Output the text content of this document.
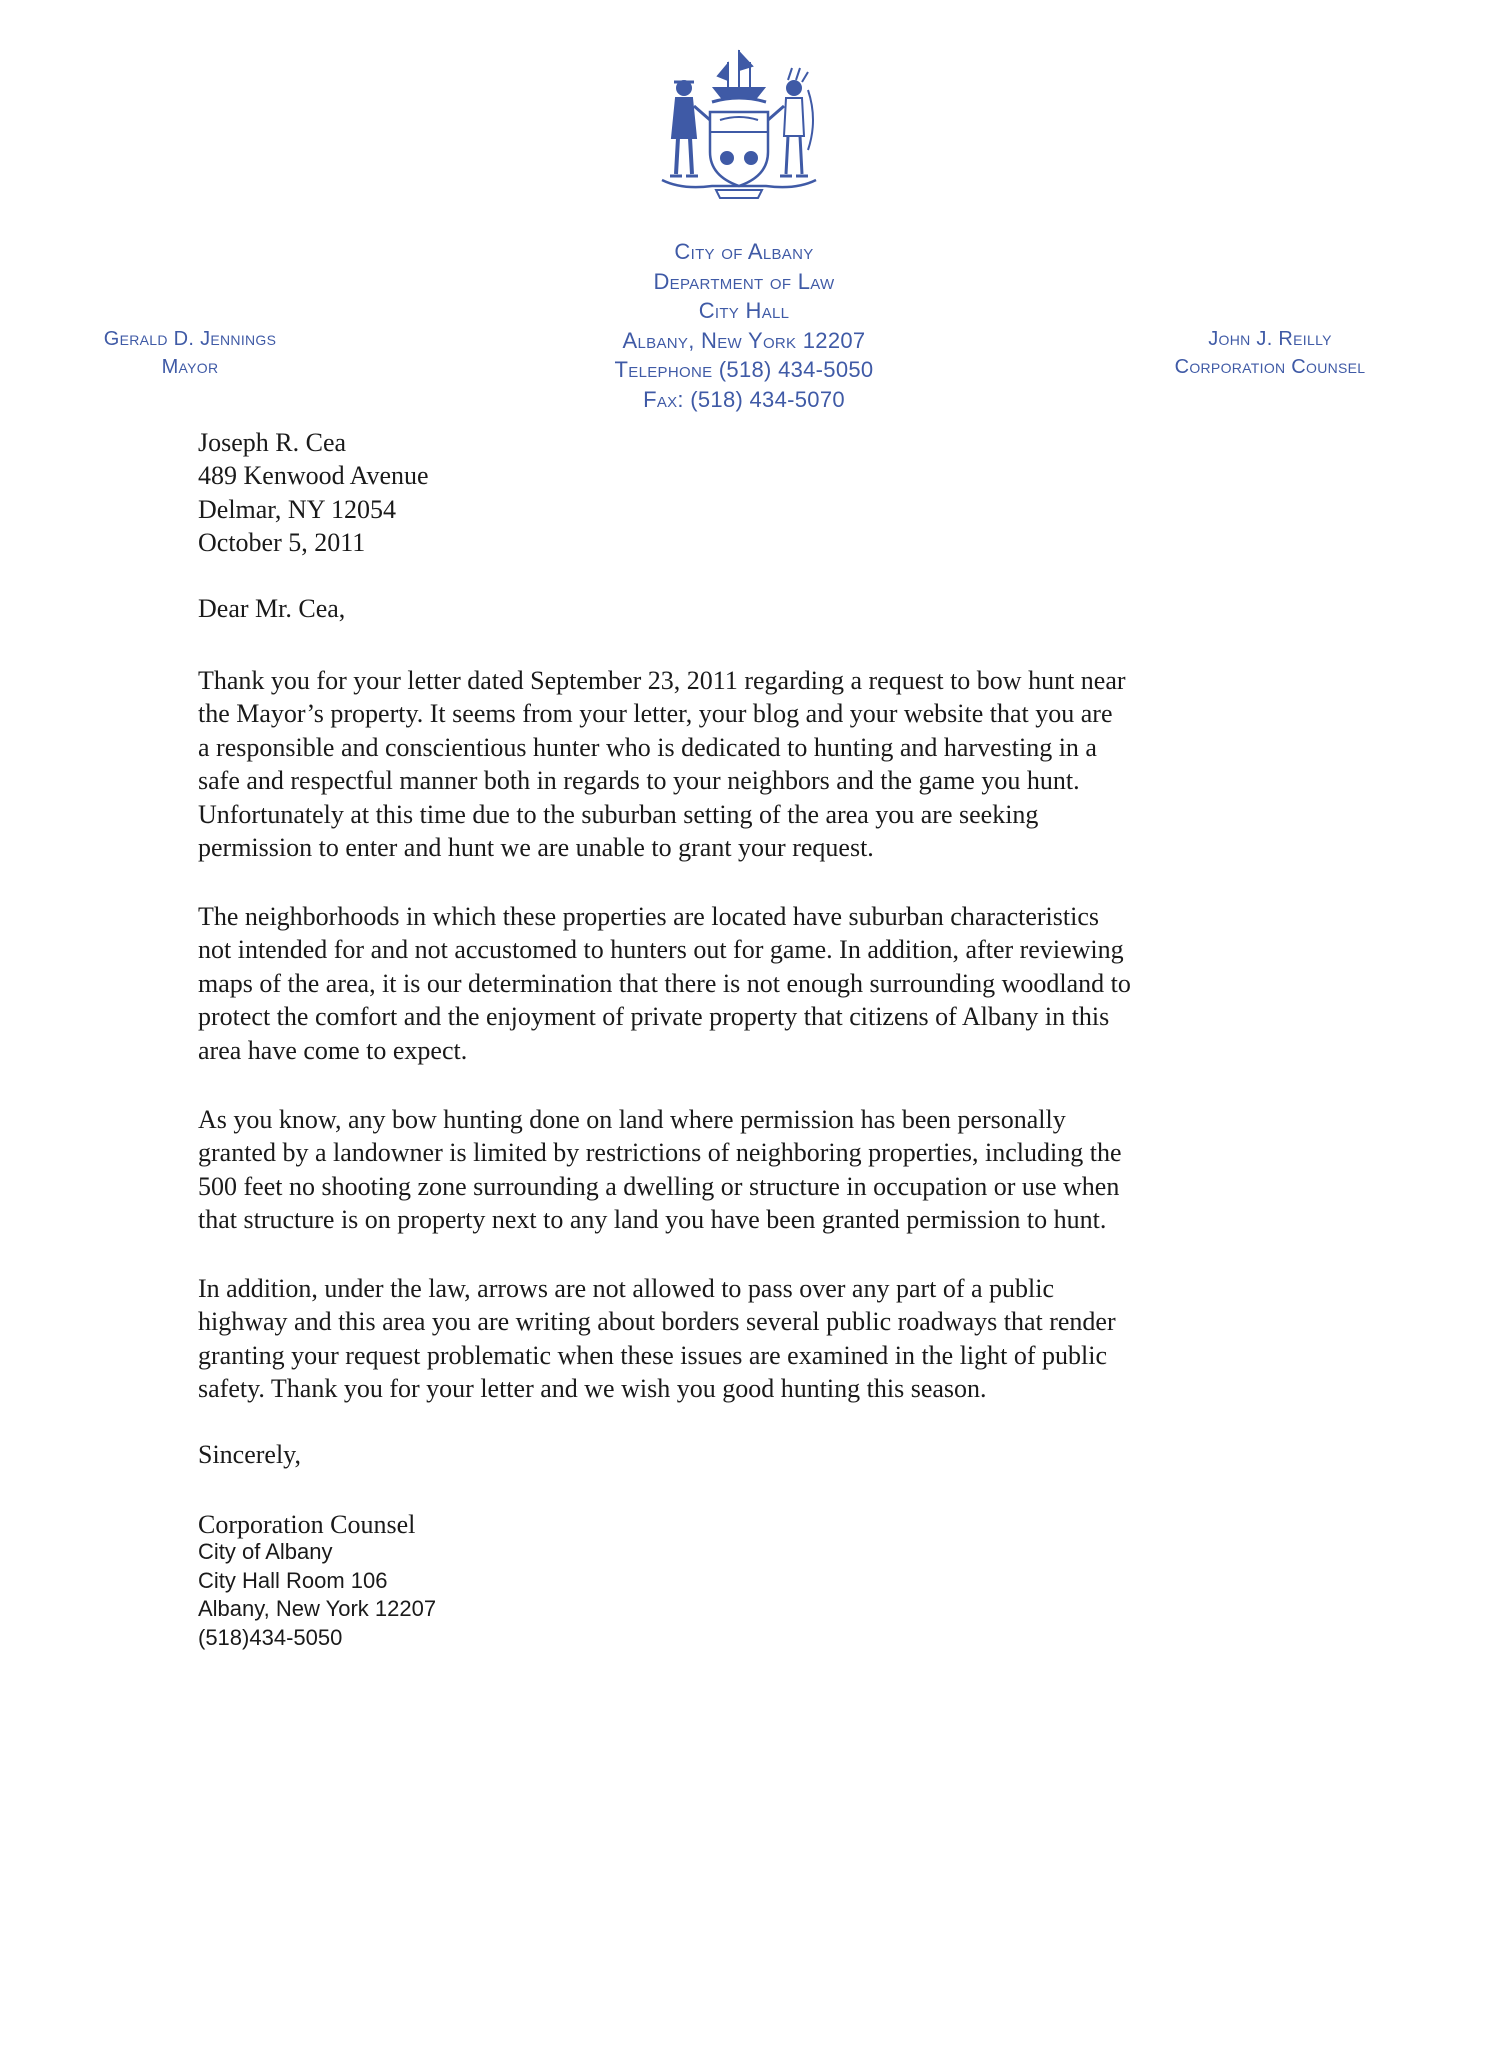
City of Albany
Department of Law
City Hall
Albany, New York 12207
Telephone (518) 434-5050
Fax: (518) 434-5070
Gerald D. Jennings
Mayor
John J. Reilly
Corporation Counsel
Joseph R. Cea
489 Kenwood Avenue
Delmar, NY 12054
October 5, 2011
Dear Mr. Cea,
Thank you for your letter dated September 23, 2011 regarding a request to bow hunt near
the Mayor’s property. It seems from your letter, your blog and your website that you are
a responsible and conscientious hunter who is dedicated to hunting and harvesting in a
safe and respectful manner both in regards to your neighbors and the game you hunt.
Unfortunately at this time due to the suburban setting of the area you are seeking
permission to enter and hunt we are unable to grant your request.
The neighborhoods in which these properties are located have suburban characteristics
not intended for and not accustomed to hunters out for game. In addition, after reviewing
maps of the area, it is our determination that there is not enough surrounding woodland to
protect the comfort and the enjoyment of private property that citizens of Albany in this
area have come to expect.
As you know, any bow hunting done on land where permission has been personally
granted by a landowner is limited by restrictions of neighboring properties, including the
500 feet no shooting zone surrounding a dwelling or structure in occupation or use when
that structure is on property next to any land you have been granted permission to hunt.
In addition, under the law, arrows are not allowed to pass over any part of a public
highway and this area you are writing about borders several public roadways that render
granting your request problematic when these issues are examined in the light of public
safety. Thank you for your letter and we wish you good hunting this season.
Sincerely,
Corporation Counsel
City of Albany
City Hall Room 106
Albany, New York 12207
(518)434-5050
